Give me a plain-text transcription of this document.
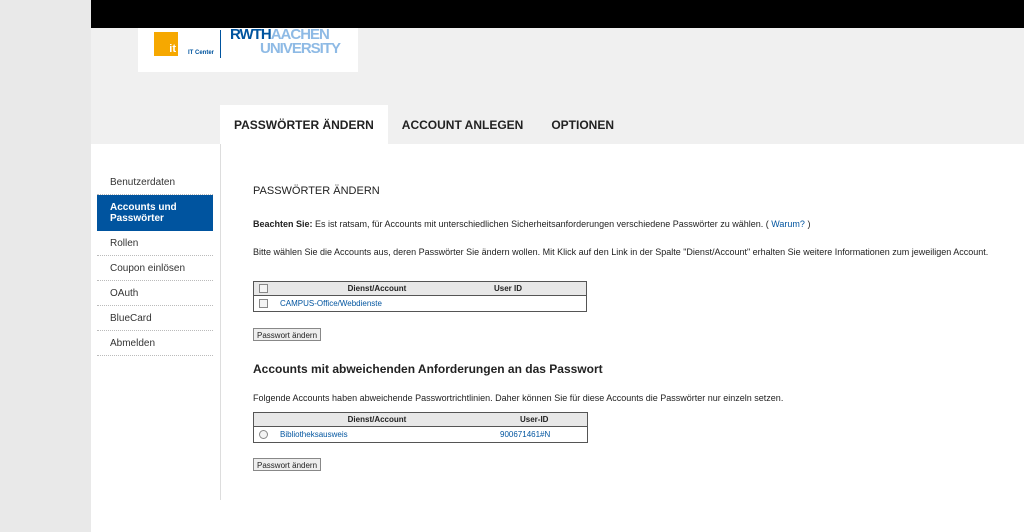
it IT Center
RWTHAACHEN
UNIVERSITY
PASSWÖRTER ÄNDERN	ACCOUNT ANLEGEN	OPTIONEN
Benutzerdaten
Accounts und Passwörter
Rollen
Coupon einlösen
OAuth
BlueCard
Abmelden
PASSWÖRTER ÄNDERN
Beachten Sie: Es ist ratsam, für Accounts mit unterschiedlichen Sicherheitsanforderungen verschiedene Passwörter zu wählen. ( Warum? )
Bitte wählen Sie die Accounts aus, deren Passwörter Sie ändern wollen. Mit Klick auf den Link in der Spalte "Dienst/Account" erhalten Sie weitere Informationen zum jeweiligen Account.
	Dienst/Account	User ID
	CAMPUS-Office/Webdienste	
Passwort ändern
Accounts mit abweichenden Anforderungen an das Passwort
Folgende Accounts haben abweichende Passwortrichtlinien. Daher können Sie für diese Accounts die Passwörter nur einzeln setzen.
	Dienst/Account	User-ID
	Bibliotheksausweis	900671461#N
Passwort ändern
